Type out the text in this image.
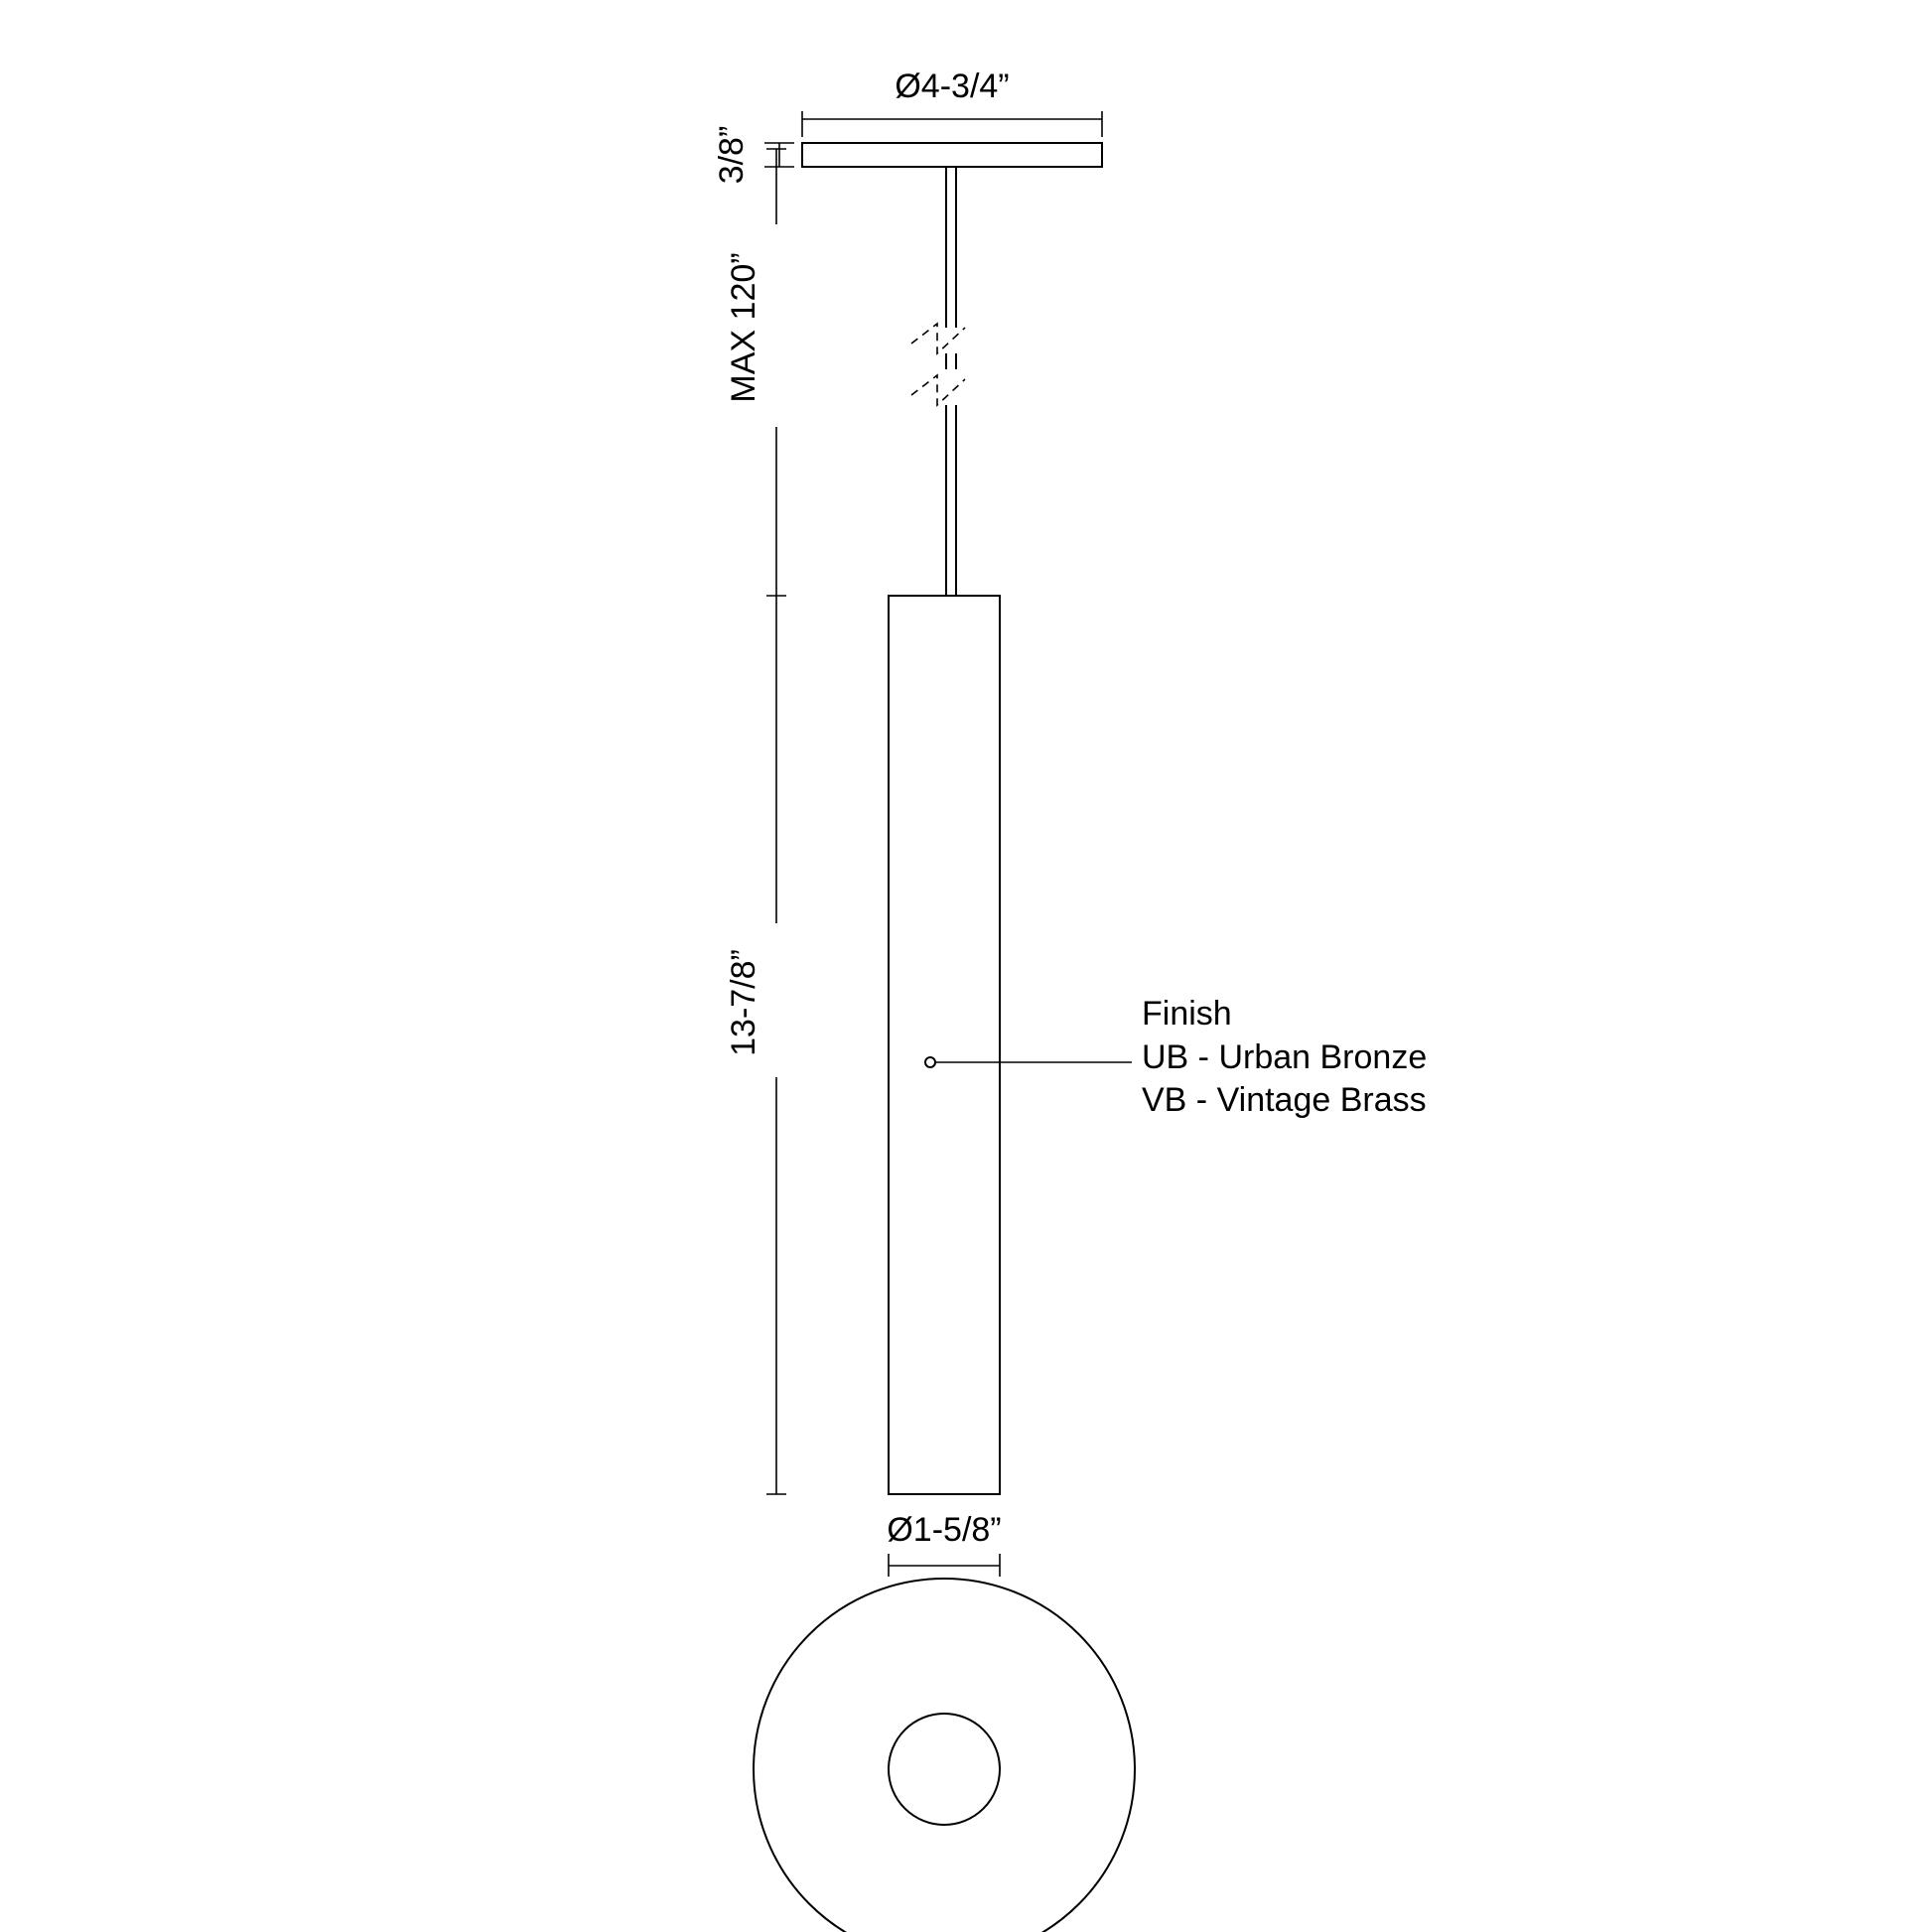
Ø4-3/4”
3/8”
MAX 120”
13-7/8”
Ø1-5/8”
Finish
UB - Urban Bronze
VB - Vintage Brass
